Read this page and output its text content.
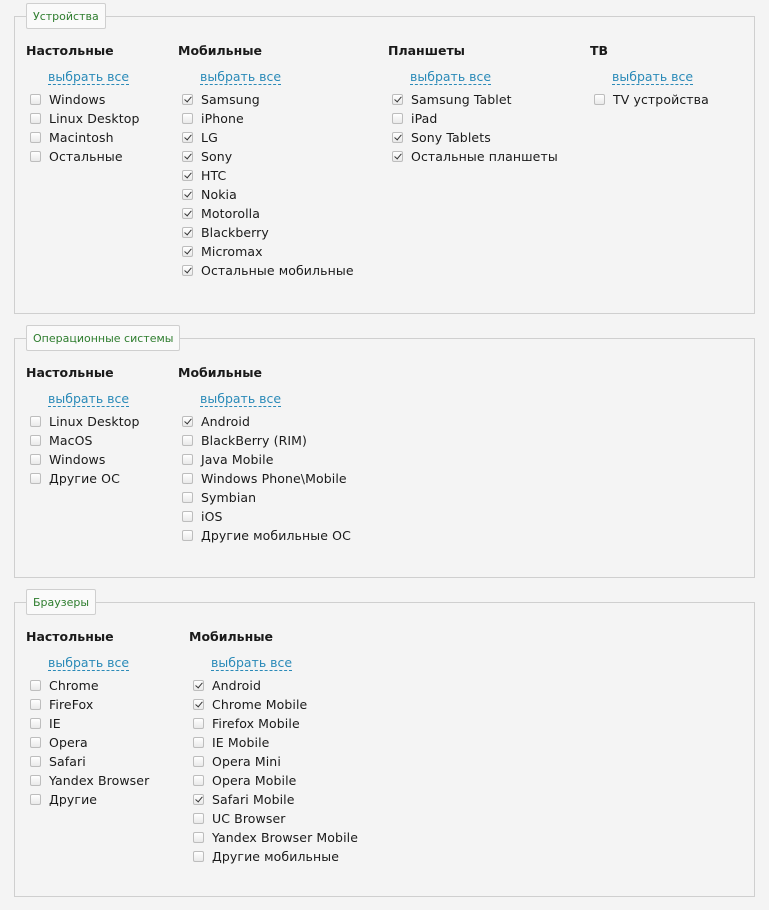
Устройства
Настольные
выбрать все
Windows
Linux Desktop
Macintosh
Остальные
Мобильные
выбрать все
Samsung
iPhone
LG
Sony
HTC
Nokia
Motorolla
Blackberry
Micromax
Остальные мобильные
Планшеты
выбрать все
Samsung Tablet
iPad
Sony Tablets
Остальные планшеты
ТВ
выбрать все
TV устройства
Операционные системы
Настольные
выбрать все
Linux Desktop
MacOS
Windows
Другие ОС
Мобильные
выбрать все
Android
BlackBerry (RIM)
Java Mobile
Windows Phone\Mobile
Symbian
iOS
Другие мобильные ОС
Браузеры
Настольные
выбрать все
Chrome
FireFox
IE
Opera
Safari
Yandex Browser
Другие
Мобильные
выбрать все
Android
Chrome Mobile
Firefox Mobile
IE Mobile
Opera Mini
Opera Mobile
Safari Mobile
UC Browser
Yandex Browser Mobile
Другие мобильные
